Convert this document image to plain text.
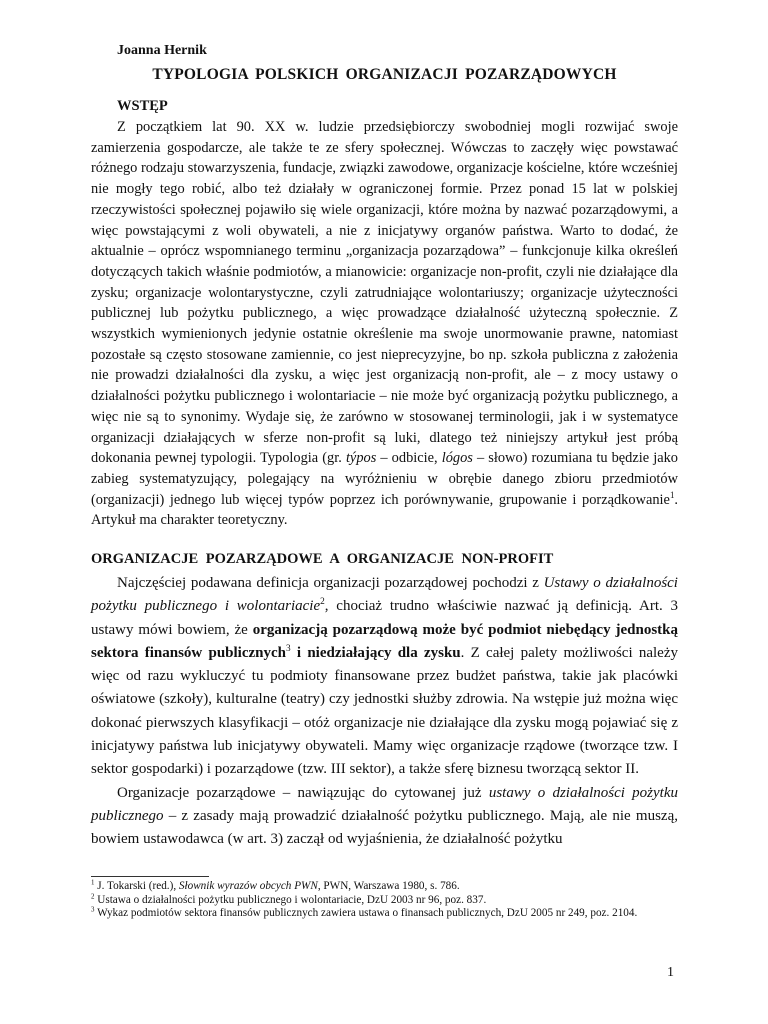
Joanna Hernik
TYPOLOGIA POLSKICH ORGANIZACJI POZARZĄDOWYCH
WSTĘP

Z początkiem lat 90. XX w. ludzie przedsiębiorczy swobodniej mogli rozwijać swoje zamierzenia gospodarcze, ale także te ze sfery społecznej. Wówczas to zaczęły więc powstawać różnego rodzaju stowarzyszenia, fundacje, związki zawodowe, organizacje kościelne, które wcześniej nie mogły tego robić, albo też działały w ograniczonej formie. Przez ponad 15 lat w polskiej rzeczywistości społecznej pojawiło się wiele organizacji, które można by nazwać pozarządowymi, a więc powstającymi z woli obywateli, a nie z inicjatywy organów państwa. Warto to dodać, że aktualnie – oprócz wspomnianego terminu „organizacja pozarządowa” – funkcjonuje kilka określeń dotyczących takich właśnie podmiotów, a mianowicie: organizacje non-profit, czyli nie działające dla zysku; organizacje wolontarystyczne, czyli zatrudniające wolontariuszy; organizacje użyteczności publicznej lub pożytku publicznego, a więc prowadzące działalność użyteczną społecznie. Z wszystkich wymienionych jedynie ostatnie określenie ma swoje unormowanie prawne, natomiast pozostałe są często stosowane zamiennie, co jest nieprecyzyjne, bo np. szkoła publiczna z założenia nie prowadzi działalności dla zysku, a więc jest organizacją non-profit, ale – z mocy ustawy o działalności pożytku publicznego i wolontariacie – nie może być organizacją pożytku publicznego, a więc nie są to synonimy. Wydaje się, że zarówno w stosowanej terminologii, jak i w systematyce organizacji działających w sferze non-profit są luki, dlatego też niniejszy artykuł jest próbą dokonania pewnej typologii. Typologia (gr. týpos – odbicie, lógos – słowo) rozumiana tu będzie jako zabieg systematyzujący, polegający na wyróżnieniu w obrębie danego zbioru przedmiotów (organizacji) jednego lub więcej typów poprzez ich porównywanie, grupowanie i porządkowanie$^1$. Artykuł ma charakter teoretyczny.

ORGANIZACJE POZARZĄDOWE A ORGANIZACJE NON-PROFIT

Najczęściej podawana definicja organizacji pozarządowej pochodzi z Ustawy o działalności pożytku publicznego i wolontariacie$^2$, chociaż trudno właściwie nazwać ją definicją. Art. 3 ustawy mówi bowiem, że organizacją pozarządową może być podmiot niebędący jednostką sektora finansów publicznych$^3$ i niedziałający dla zysku. Z całej palety możliwości należy więc od razu wykluczyć tu podmioty finansowane przez budżet państwa, takie jak placówki oświatowe (szkoły), kulturalne (teatry) czy jednostki służby zdrowia. Na wstępie już można więc dokonać pierwszych klasyfikacji – otóż organizacje nie działające dla zysku mogą pojawiać się z inicjatywy państwa lub inicjatywy obywateli. Mamy więc organizacje rządowe (tworzące tzw. I sektor gospodarki) i pozarządowe (tzw. III sektor), a także sferę biznesu tworzącą sektor II.

Organizacje pozarządowe – nawiązując do cytowanej już ustawy o działalności pożytku publicznego – z zasady mają prowadzić działalność pożytku publicznego. Mają, ale nie muszą, bowiem ustawodawca (w art. 3) zaczął od wyjaśnienia, że działalność pożytku

$^1$ J. Tokarski (red.), Słownik wyrazów obcych PWN, PWN, Warszawa 1980, s. 786.
$^2$ Ustawa o działalności pożytku publicznego i wolontariacie, DzU 2003 nr 96, poz. 837.
$^3$ Wykaz podmiotów sektora finansów publicznych zawiera ustawa o finansach publicznych, DzU 2005 nr 249, poz. 2104.
1
